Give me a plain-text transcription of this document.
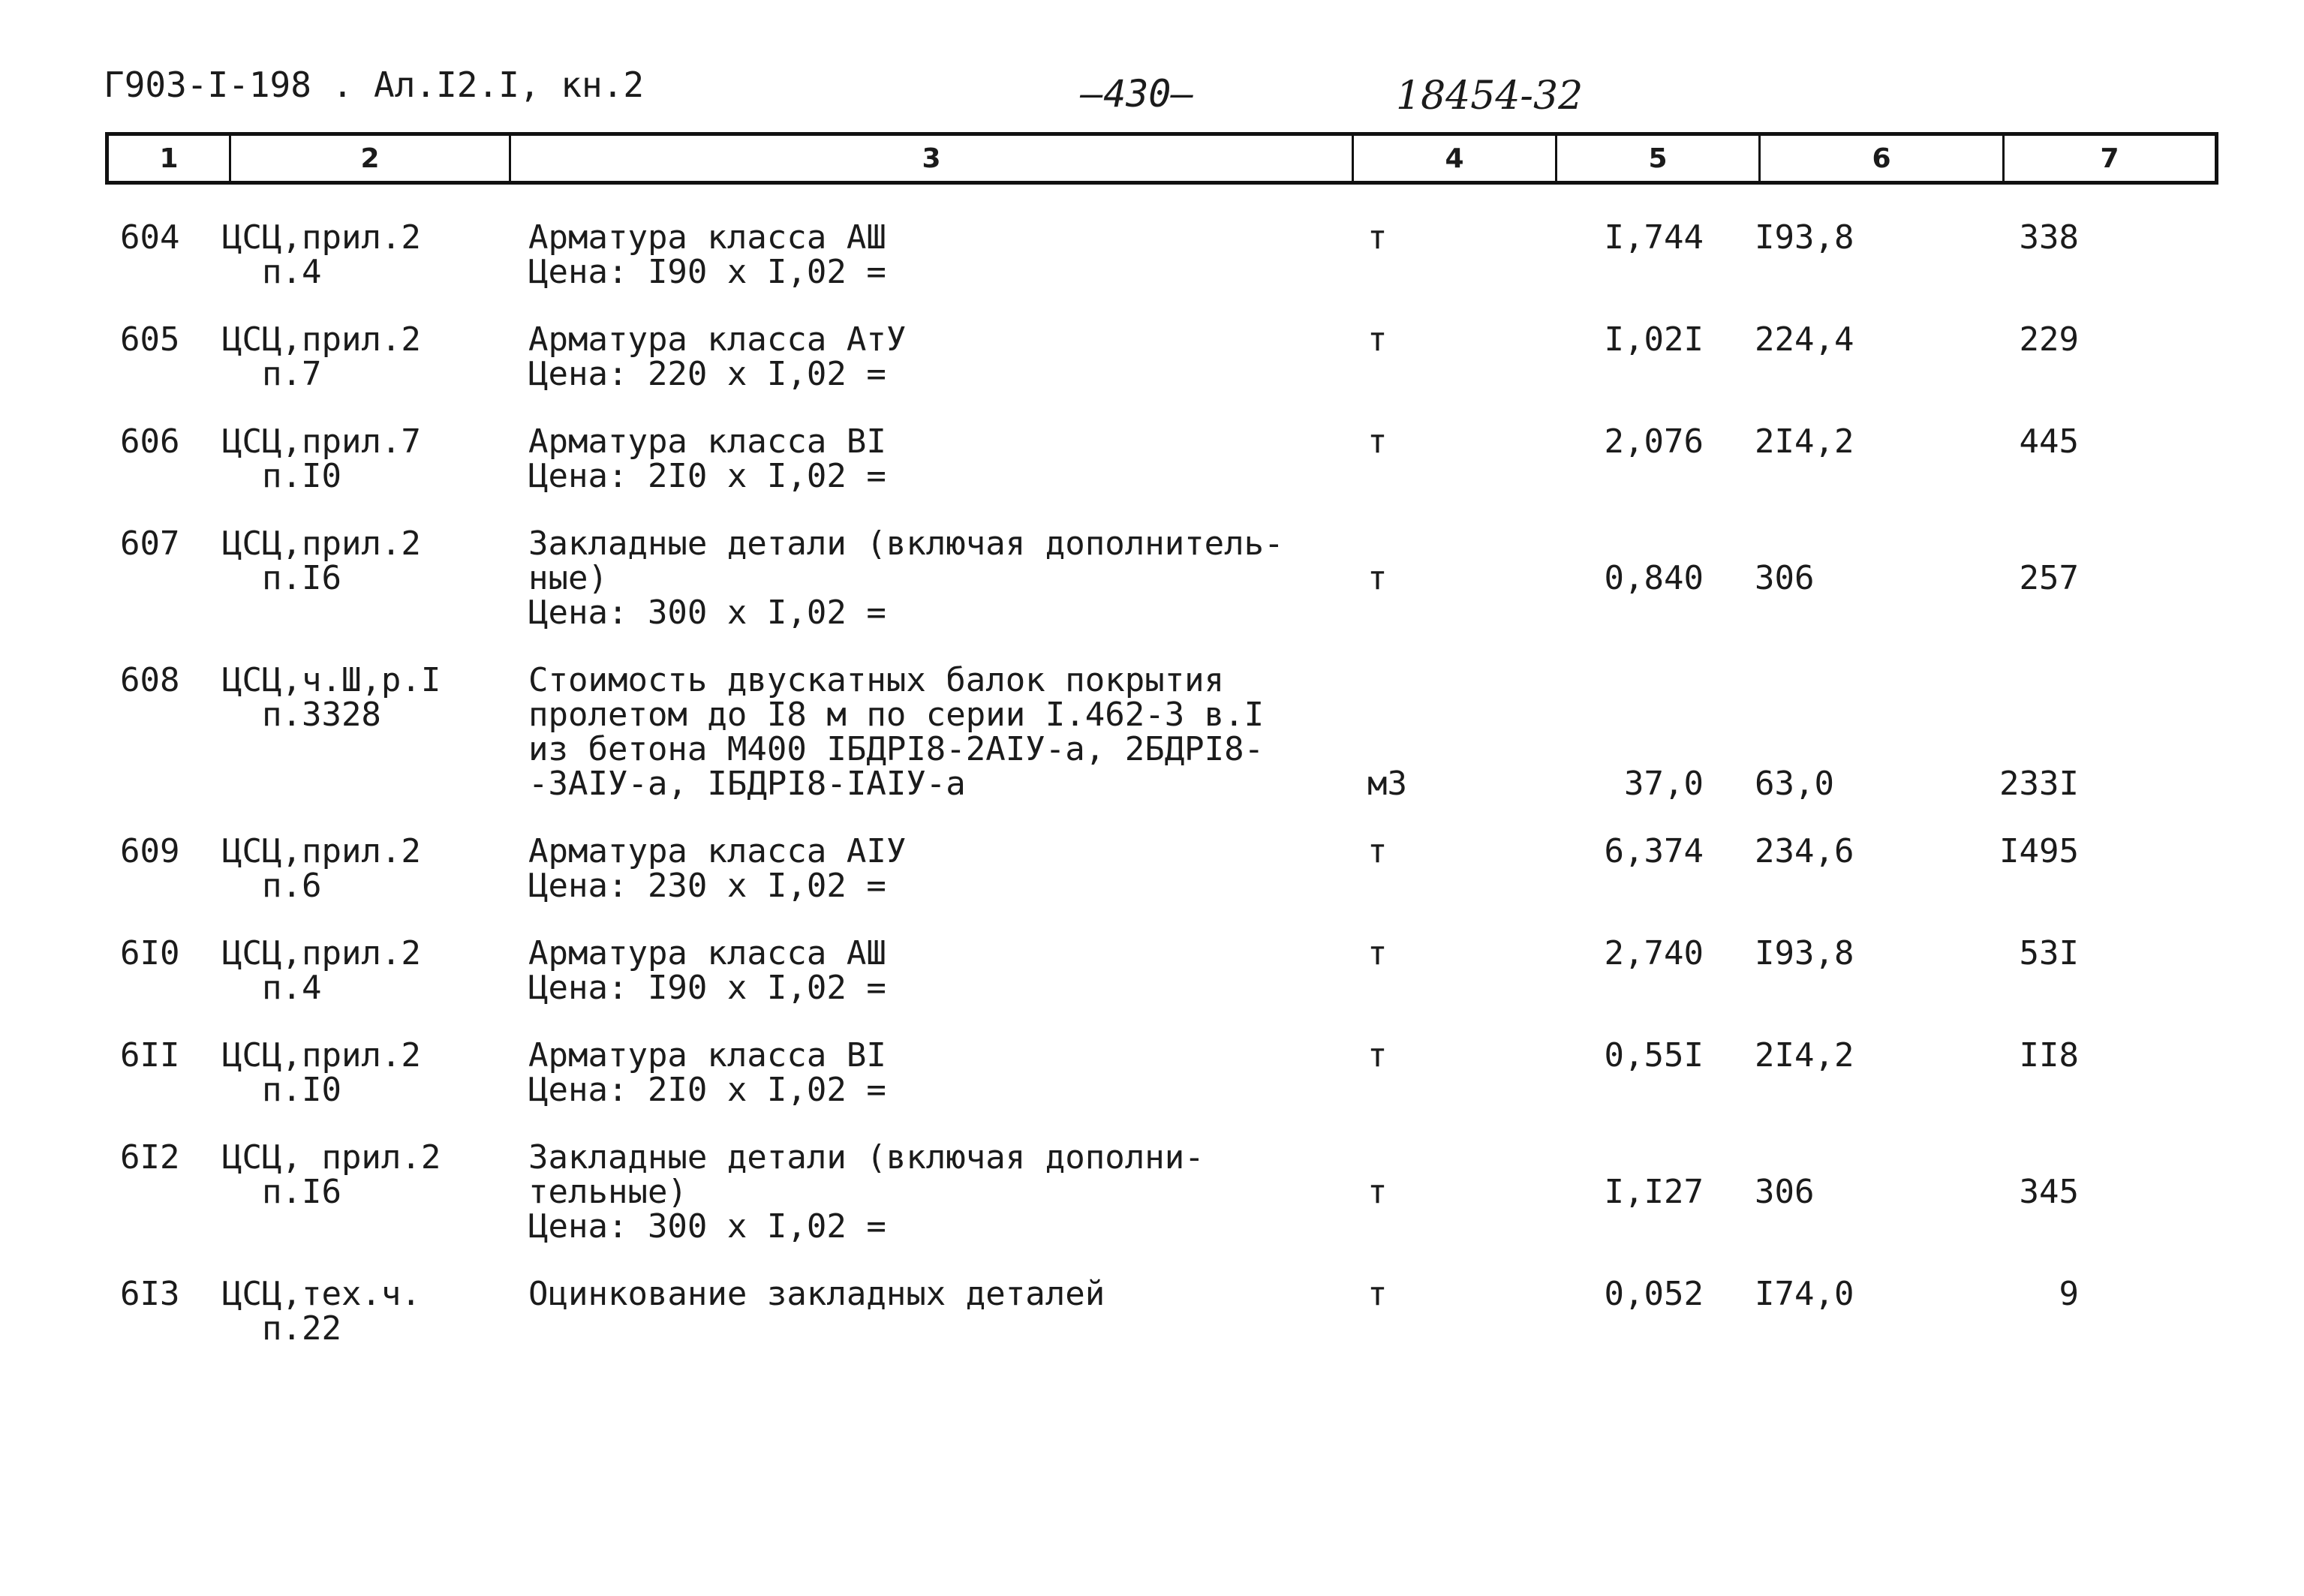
Г903-I-198 . Ал.I2.I, кн.2	—430—	18454-32
1	2	3	4	5	6	7
604 ЦСЦ,прил.2
п.4
Арматура класса АШ
Цена: I90 х I,02 =
т	I,744 I93,8	338
605 ЦСЦ,прил.2
п.7
Арматура класса АтУ
Цена: 220 х I,02 =
т	I,02I 224,4	229
606 ЦСЦ,прил.7
п.I0
Арматура класса ВI
Цена: 2I0 х I,02 =
т	2,076 2I4,2	445
607 ЦСЦ,прил.2
п.I6
Закладные детали (включая дополнитель-
ные)
Цена: 300 х I,02 =
т	0,840 306	257
608 ЦСЦ,ч.Ш,р.I
п.3328
Стоимость двускатных балок покрытия
пролетом до I8 м по серии I.462-3 в.I
из бетона М400 IБДРI8-2АIУ-а, 2БДРI8-
-3АIУ-а, IБДРI8-IАIУ-а	м3	37,0 63,0	233I
609 ЦСЦ,прил.2
п.6
Арматура класса АIУ
Цена: 230 х I,02 =
т	6,374 234,6	I495
6I0 ЦСЦ,прил.2
п.4
Арматура класса АШ
Цена: I90 х I,02 =
т	2,740 I93,8	53I
6II ЦСЦ,прил.2
п.I0
Арматура класса ВI
Цена: 2I0 х I,02 =
т	0,55I 2I4,2	II8
6I2 ЦСЦ, прил.2
п.I6
Закладные детали (включая дополни-
тельные)
Цена: 300 х I,02 =
т	I,I27 306	345
6I3 ЦСЦ,тех.ч.
п.22
Оцинкование закладных деталей	т	0,052 I74,0	9
